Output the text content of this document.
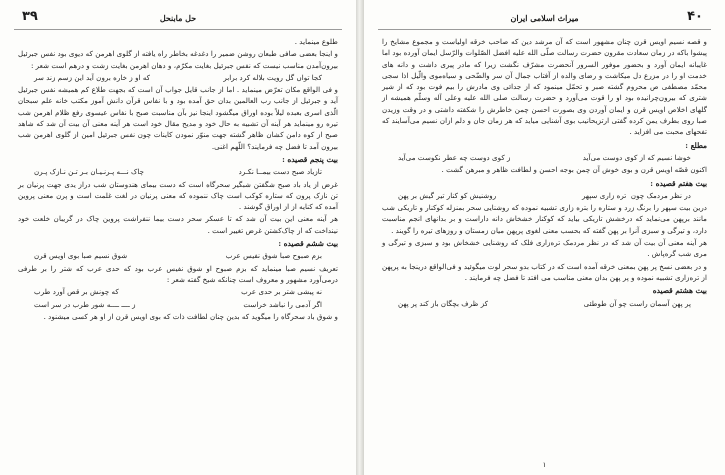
۳۹	حل مابنحل

طلوع مینماید .

و اینجا بعضی صافی طبعان روشن ضمیر را دغدغه بخاطر راه یافته از گلوی اهرمن که دیوی بود نفس جبرئیل بیرون‌آمدن مناسب نیست که نفس جبرئیل بغایت مکرّم، و دهان اهرمن بغایت زشت و درهم است شعر :

کجا تواں گل رویت بلاله کرد برابر
که او ز خاره برون آید این زسم زند سر

و فی الواقع مکان تعرّض مینماید . اما از جانب قایل جواب آن است که بجهت طلاع کم همیشه نفس جبرئیل آید و جبرئیل از جانب رب العالمین بدان حق آمده بود و با نفاس قرآن دانش آموز مکتب خانه علم سبحان الّذی اسری بعبده لیلاً بوده اوراق میگشود اینجا نیز بآن مناسبت صبح با نفاس عیسوی رفع ظلام اهرمن شب تیره رو مینماید هر آینه آن تشبیه به حال خود و مدیح مقال خود است هر آینه معنی آن بیت آن شد که شاهد صبح از کوه دامن کشان ظاهر گشته جهت منوّر نمودن کاینات چون نفس جبرئیل امین از گلوی اهرمن شب بیرون آمد تا فضل چه فرمایند؟ اللّهم اغنی.

بیت پنجم قصیده :
تازیاد صبح دست بیمــا نکـرد
چاک نـــه پـرنـیـان بـر تـن نـازک پـرن

غرض از یاد باد صبح شگفتن شبگیر سحرگاه است که دست بیمای هندوستان شب دراز یدی جهت پرنیان بر تن نازک پرون که ستاره کوکب است چاک ننموده که معنی پرنیان در لغت غلمت است و پرن معنی پروین آمده که کنایه از از اوراق گوشند .

هر آینه معنی این بیت آن شد که تا عسکر سحر دست بیما ننفراشت پروین چاک در گریبان خلعت خود نینداخت که از چاک‌کشتن غرض تغییر است .

بیت ششم قصیده :
بزم صبوح صبا شوق نفیس عرب
شوق نسیم صبا بوی اویس قرن

تعریف نسیم صبا مینماید که بزم صبوح او شوق نفیس عرب بود که حدی عرب که شتر را بر طرفی درمی‌آورد مشهور و معروف است چنانکه شیخ گفته شعر :

نه پیشی شتر بر حدی عرب
که چونش بر قص آورد طرب
اگر آدمی را نباشد خراست
ز ــــ ــــه شور طرب در سر است

و شوق باد سحرگاه را میگوید که بدین چنان لطافت ذات که بوی اویس قرن از او هر کسی میشنود .

۴۰
میراث اسلامی ایران

و قصه نسیم اویس قرن چنان مشهور است که آن مرشد دین که صاحب خرقه اولیاست و مجموع مشایخ را پیشوا باکه در زمان سعادت مقرون حضرت رسالت صلّی الله علیه افضل الصّلوات والرّسل ایمان آورده بود اما غایبانه ایمان آورد و بحضور موفور السرور آنحضرت مشرّف نگشت زیرا که مادر پیری داشت و دانه های خدمت او را در مزرع دل میکاشت و رضای والده از آفتاب جمال آن سر والضّحی و سیاه‌موی والّیل اذا سجی محمّد مصطفی ص محروم گشته صبر و تحمّل مینمود که از جدائی وی مادرش را بیم فوت بود که از شیر شتری که بیرون‌چرانیده بود او را قوت می‌آورد و حضرت رسالت صلی الله علیه وعلی آله وسلّم همیشه از گلهای اخلاص اویس قرن و ایمان آوردن وی بصورت احسن چمن خاطرش را شکفته داشتی و در وقت وزیدن صبا روی بطرف یمن کرده گفتی ارتزیحانیب بوی آشنایی میاید که هر زمان جان و دلم ازان نسیم می‌آسایند که تفحهای محبت می افزاید .

مطلع :
خوشا نسیم که از کوی دوست می‌آید
ز کوی دوست چه عطر نکوست می‌آید

اکنون قصّه اویس قرن و بوی خوش آن چمن بوجه احسن و لطافت ظاهر و مبرهن گشت .

بیت هفتم قصیده :
در نظر مردمک چون ‌ تره زاری سپهر
روشنیش کو کنار تیر گیش بر پهن

درین بیت سپهر را برنگ زرد و ستاره را بتره زاری تشبیه نموده که روشنایی سحر بمنزله کوکنار و تاریکی شب مانند برپهن می‌نماید که درخشش تاریکی بیاید که کوکنار خشخاش دانه داراست و بر بدانهای انجم مناسبت دارد، و تیرگی و سبزی آنرا بر پهن گفته که بحسب معنی لغوی پرپهن میان زمستان و روزهای تیره را گویند .

هر آینه معنی آن بیت آن شد که در نظر مردمک تره‌زاری فلک که روشنایی خشخاش بود و سبزی و تیرگی و مری شب گره‌پاش .

و در بعضی نسخ پر پهن بمعنی خرقه آمده است که در کتاب بدو سحر لوت میگوئید و فی‌الواقع درینجا به پرپهن از تره‌زاری تشبیه نموده و پر پهن بدان معنی مناسب می افتد تا فضل چه فرمایند .

بیت هشتم قصیده
پر پهن آسمان راست چو آن طوطئی
کز ظرف بچگان باز کند پر پهن
١
